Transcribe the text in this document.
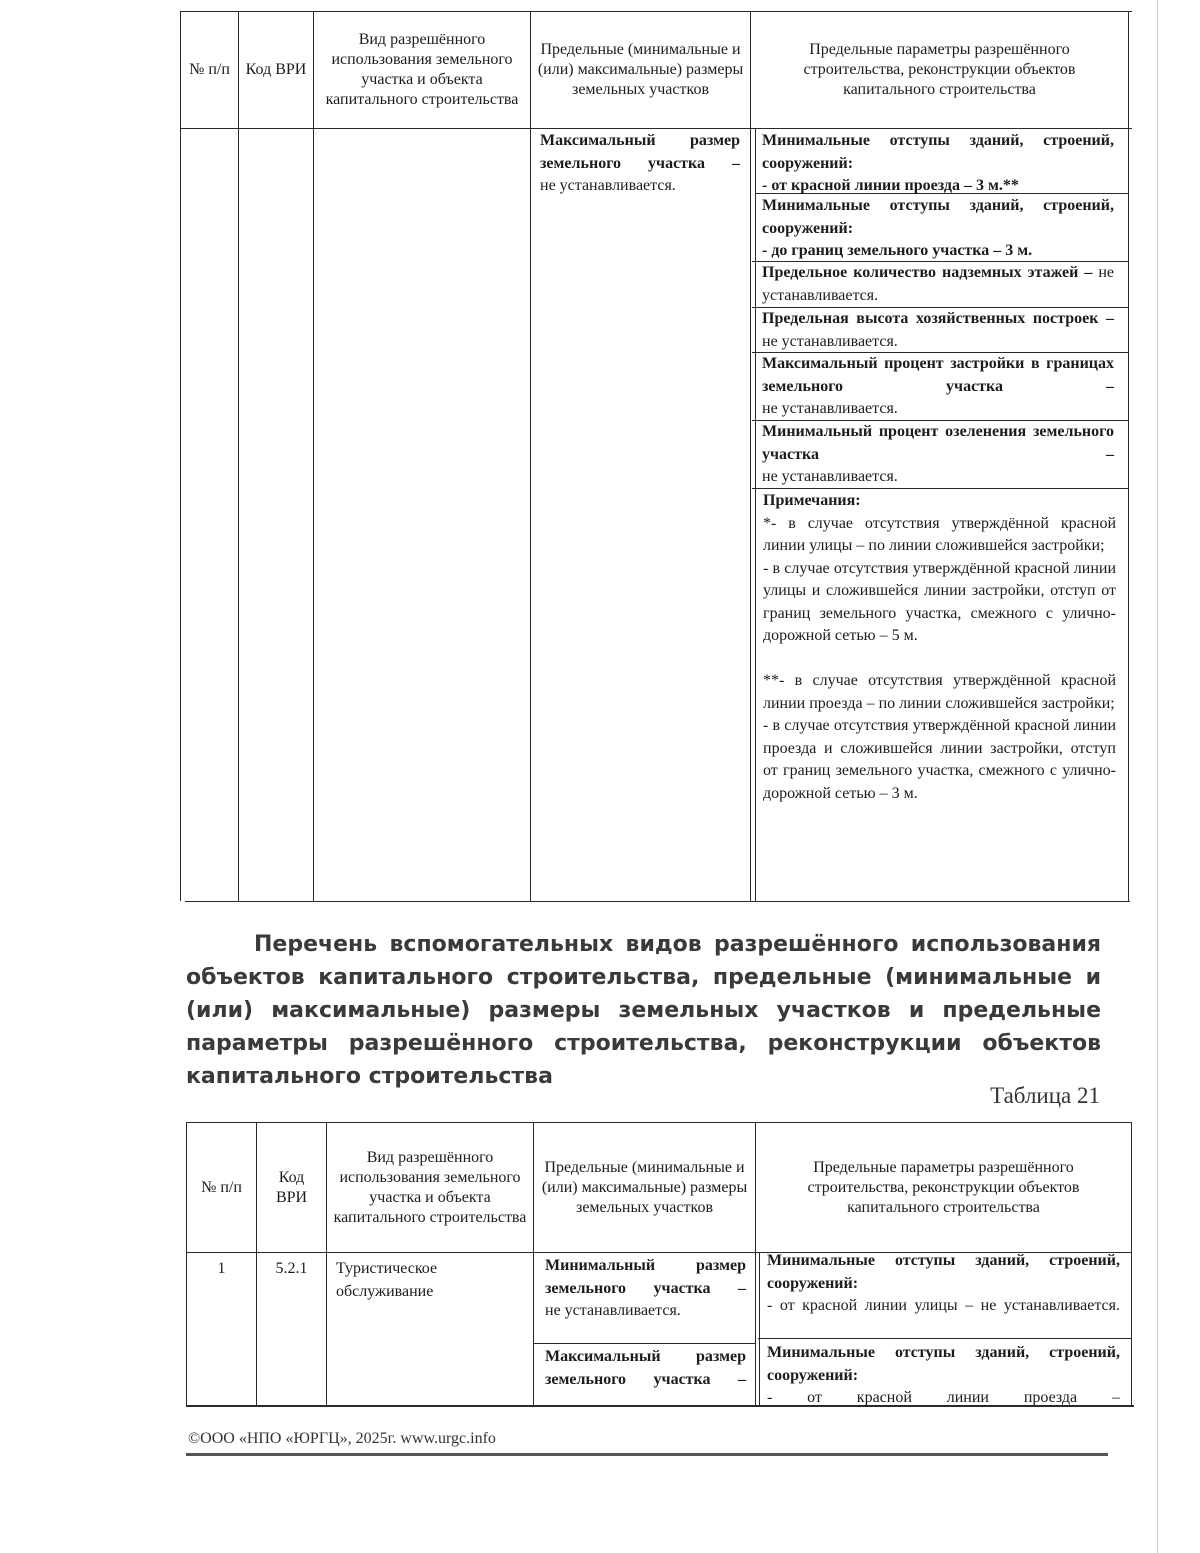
№ п/п Код ВРИ
Вид разрешённого использования земельного участка и объекта капитального строительства
Предельные (минимальные и (или) максимальные) размеры земельных участков
Предельные параметры разрешённого строительства, реконструкции объектов капитального строительства

Максимальный размер земельного участка –

не устанавливается.

Минимальные отступы зданий, строений, сооружений:

- от красной линии проезда – 3 м.**

Минимальные отступы зданий, строений, сооружений:

- до границ земельного участка – 3 м.

Предельное количество надземных этажей – не устанавливается.

Предельная высота хозяйственных построек – не устанавливается.

Максимальный процент застройки в границах земельного участка –

не устанавливается.

Минимальный процент озеленения земельного участка –

не устанавливается.

Примечания:

*- в случае отсутствия утверждённой красной линии улицы – по линии сложившейся застройки;

- в случае отсутствия утверждённой красной линии улицы и сложившейся линии застройки, отступ от границ земельного участка, смежного с улично-дорожной сетью – 5 м.

**- в случае отсутствия утверждённой красной линии проезда – по линии сложившейся застройки;

- в случае отсутствия утверждённой красной линии проезда и сложившейся линии застройки, отступ от границ земельного участка, смежного с улично-дорожной сетью – 3 м.

Перечень вспомогательных видов разрешённого использования объектов капитального строительства, предельные (минимальные и (или) максимальные) размеры земельных участков и предельные параметры разрешённого строительства, реконструкции объектов капитального строительства
Таблица 21
№ п/п
Код ВРИ
Вид разрешённого использования земельного участка и объекта капитального строительства
Предельные (минимальные и (или) максимальные) размеры земельных участков
Предельные параметры разрешённого строительства, реконструкции объектов капитального строительства
1	5.2.1	Туристическое обслуживание

Минимальный размер земельного участка –

не устанавливается.

Максимальный размер земельного участка –

Минимальные отступы зданий, строений, сооружений:

- от красной линии улицы – не устанавливается.

Минимальные отступы зданий, строений, сооружений:

- от красной линии проезда –

©ООО «НПО «ЮРГЦ», 2025г. www.urgc.info
